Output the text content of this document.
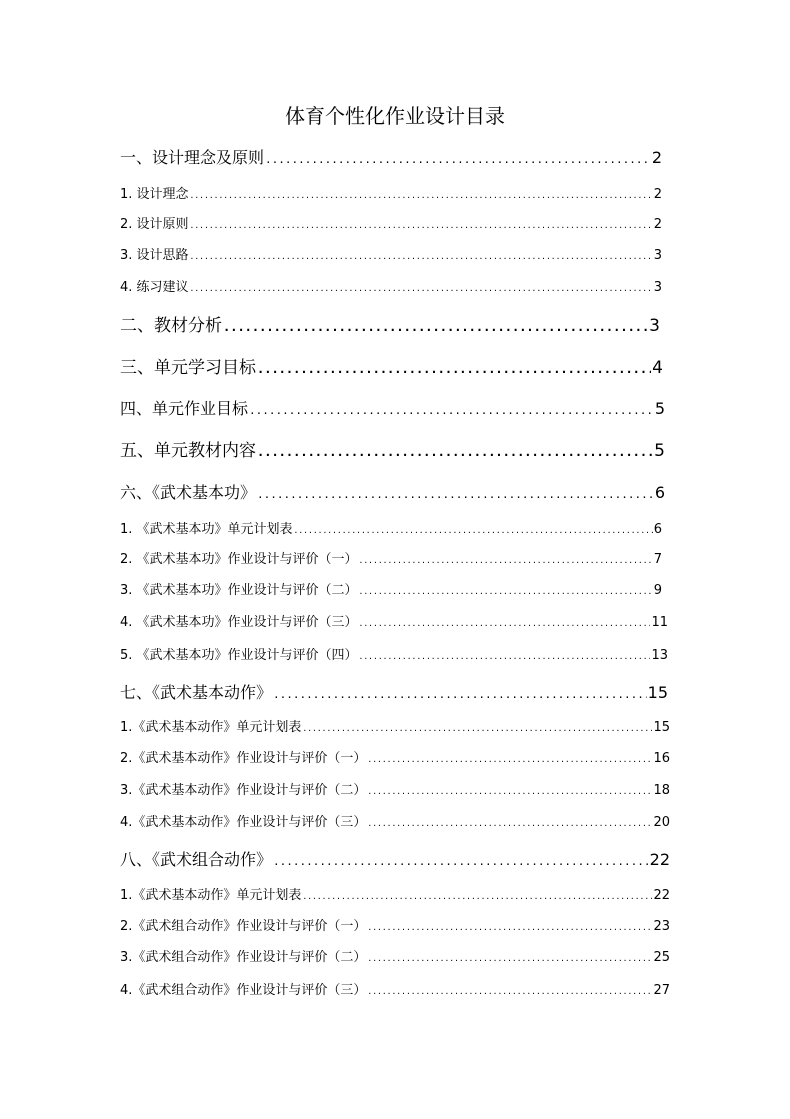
体育个性化作业设计目录
一、设计理念及原则 .....	2
1. 设计理念 .....	2
2. 设计原则 .....	2
3. 设计思路 .....	3
4. 练习建议 .....	3
二、教材分析 .....	3
三、单元学习目标 .....	4
四、单元作业目标 .....	5
五、单元教材内容 .....	5
六、《武术基本功》 .....	6
1. 《武术基本功》单元计划表 .....	6
2. 《武术基本功》作业设计与评价（一） .....	7
3. 《武术基本功》作业设计与评价（二） .....	9
4. 《武术基本功》作业设计与评价（三） .....	11
5. 《武术基本功》作业设计与评价（四） .....	13
七、《武术基本动作》 .....	15
1.《武术基本动作》单元计划表 .....	15
2.《武术基本动作》作业设计与评价（一） .....	16
3.《武术基本动作》作业设计与评价（二） .....	18
4.《武术基本动作》作业设计与评价（三） .....	20
八、《武术组合动作》 .....	22
1.《武术基本动作》单元计划表 .....	22
2.《武术组合动作》作业设计与评价（一） .....	23
3.《武术组合动作》作业设计与评价（二） .....	25
4.《武术组合动作》作业设计与评价（三） .....	27
